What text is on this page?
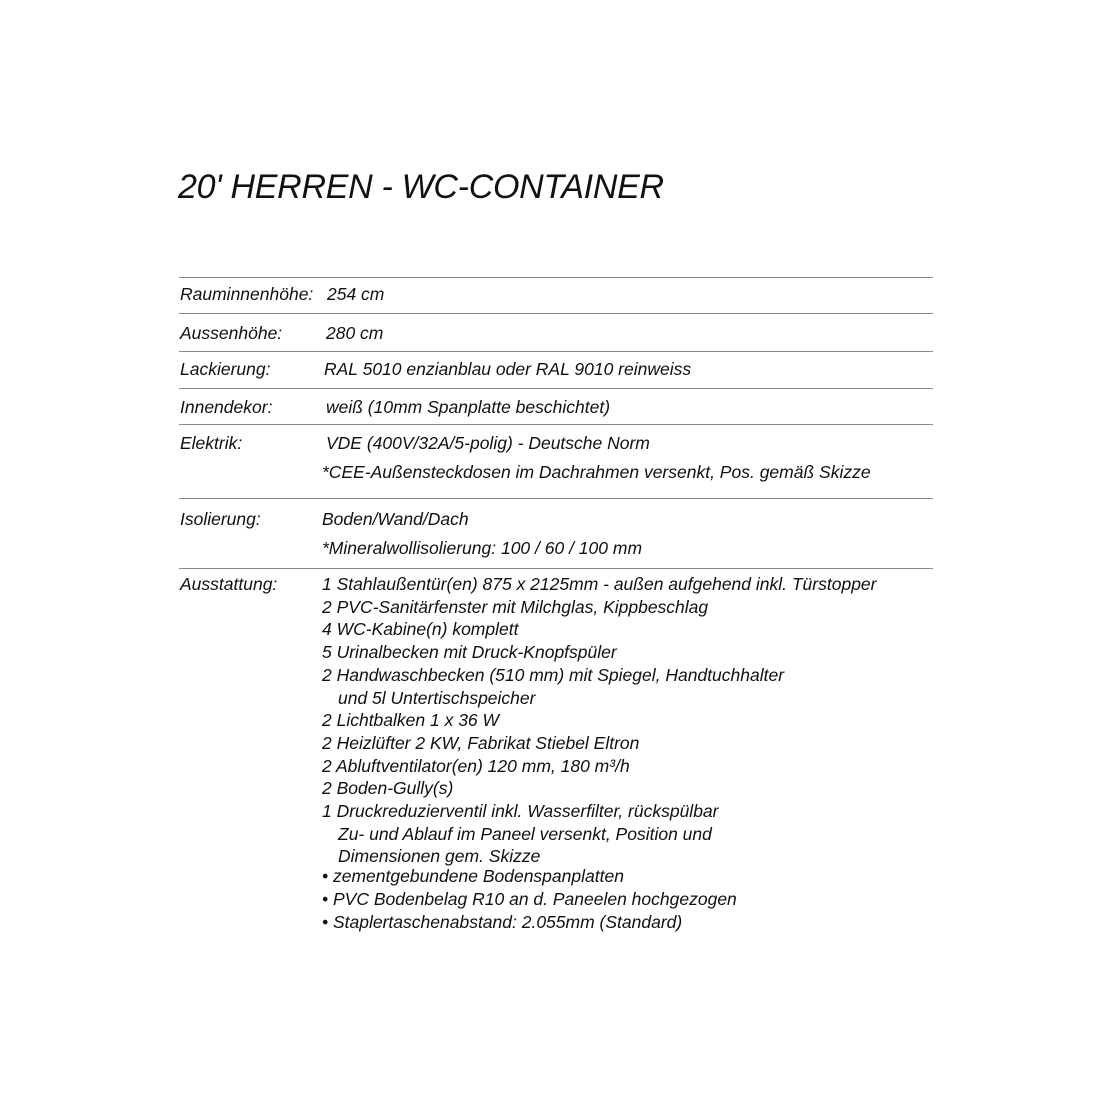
20' HERREN - WC-CONTAINER
Rauminnenhöhe: 254 cm
Aussenhöhe:	280 cm
Lackierung:	RAL 5010 enzianblau oder RAL 9010 reinweiss
Innendekor:	weiß (10mm Spanplatte beschichtet)
Elektrik:	VDE (400V/32A/5-polig) - Deutsche Norm
*CEE-Außensteckdosen im Dachrahmen versenkt, Pos. gemäß Skizze
Isolierung:	Boden/Wand/Dach
*Mineralwollisolierung: 100 / 60 / 100 mm
Ausstattung:	1 Stahlaußentür(en) 875 x 2125mm - außen aufgehend inkl. Türstopper
2 PVC-Sanitärfenster mit Milchglas, Kippbeschlag
4 WC-Kabine(n) komplett
5 Urinalbecken mit Druck-Knopfspüler
2 Handwaschbecken (510 mm) mit Spiegel, Handtuchhalter
und 5l Untertischspeicher
2 Lichtbalken 1 x 36 W
2 Heizlüfter 2 KW, Fabrikat Stiebel Eltron
2 Abluftventilator(en) 120 mm, 180 m³/h
2 Boden-Gully(s)
1 Druckreduzierventil inkl. Wasserfilter, rückspülbar
Zu- und Ablauf im Paneel versenkt, Position und
Dimensionen gem. Skizze
• zementgebundene Bodenspanplatten
• PVC Bodenbelag R10 an d. Paneelen hochgezogen
• Staplertaschenabstand: 2.055mm (Standard)
